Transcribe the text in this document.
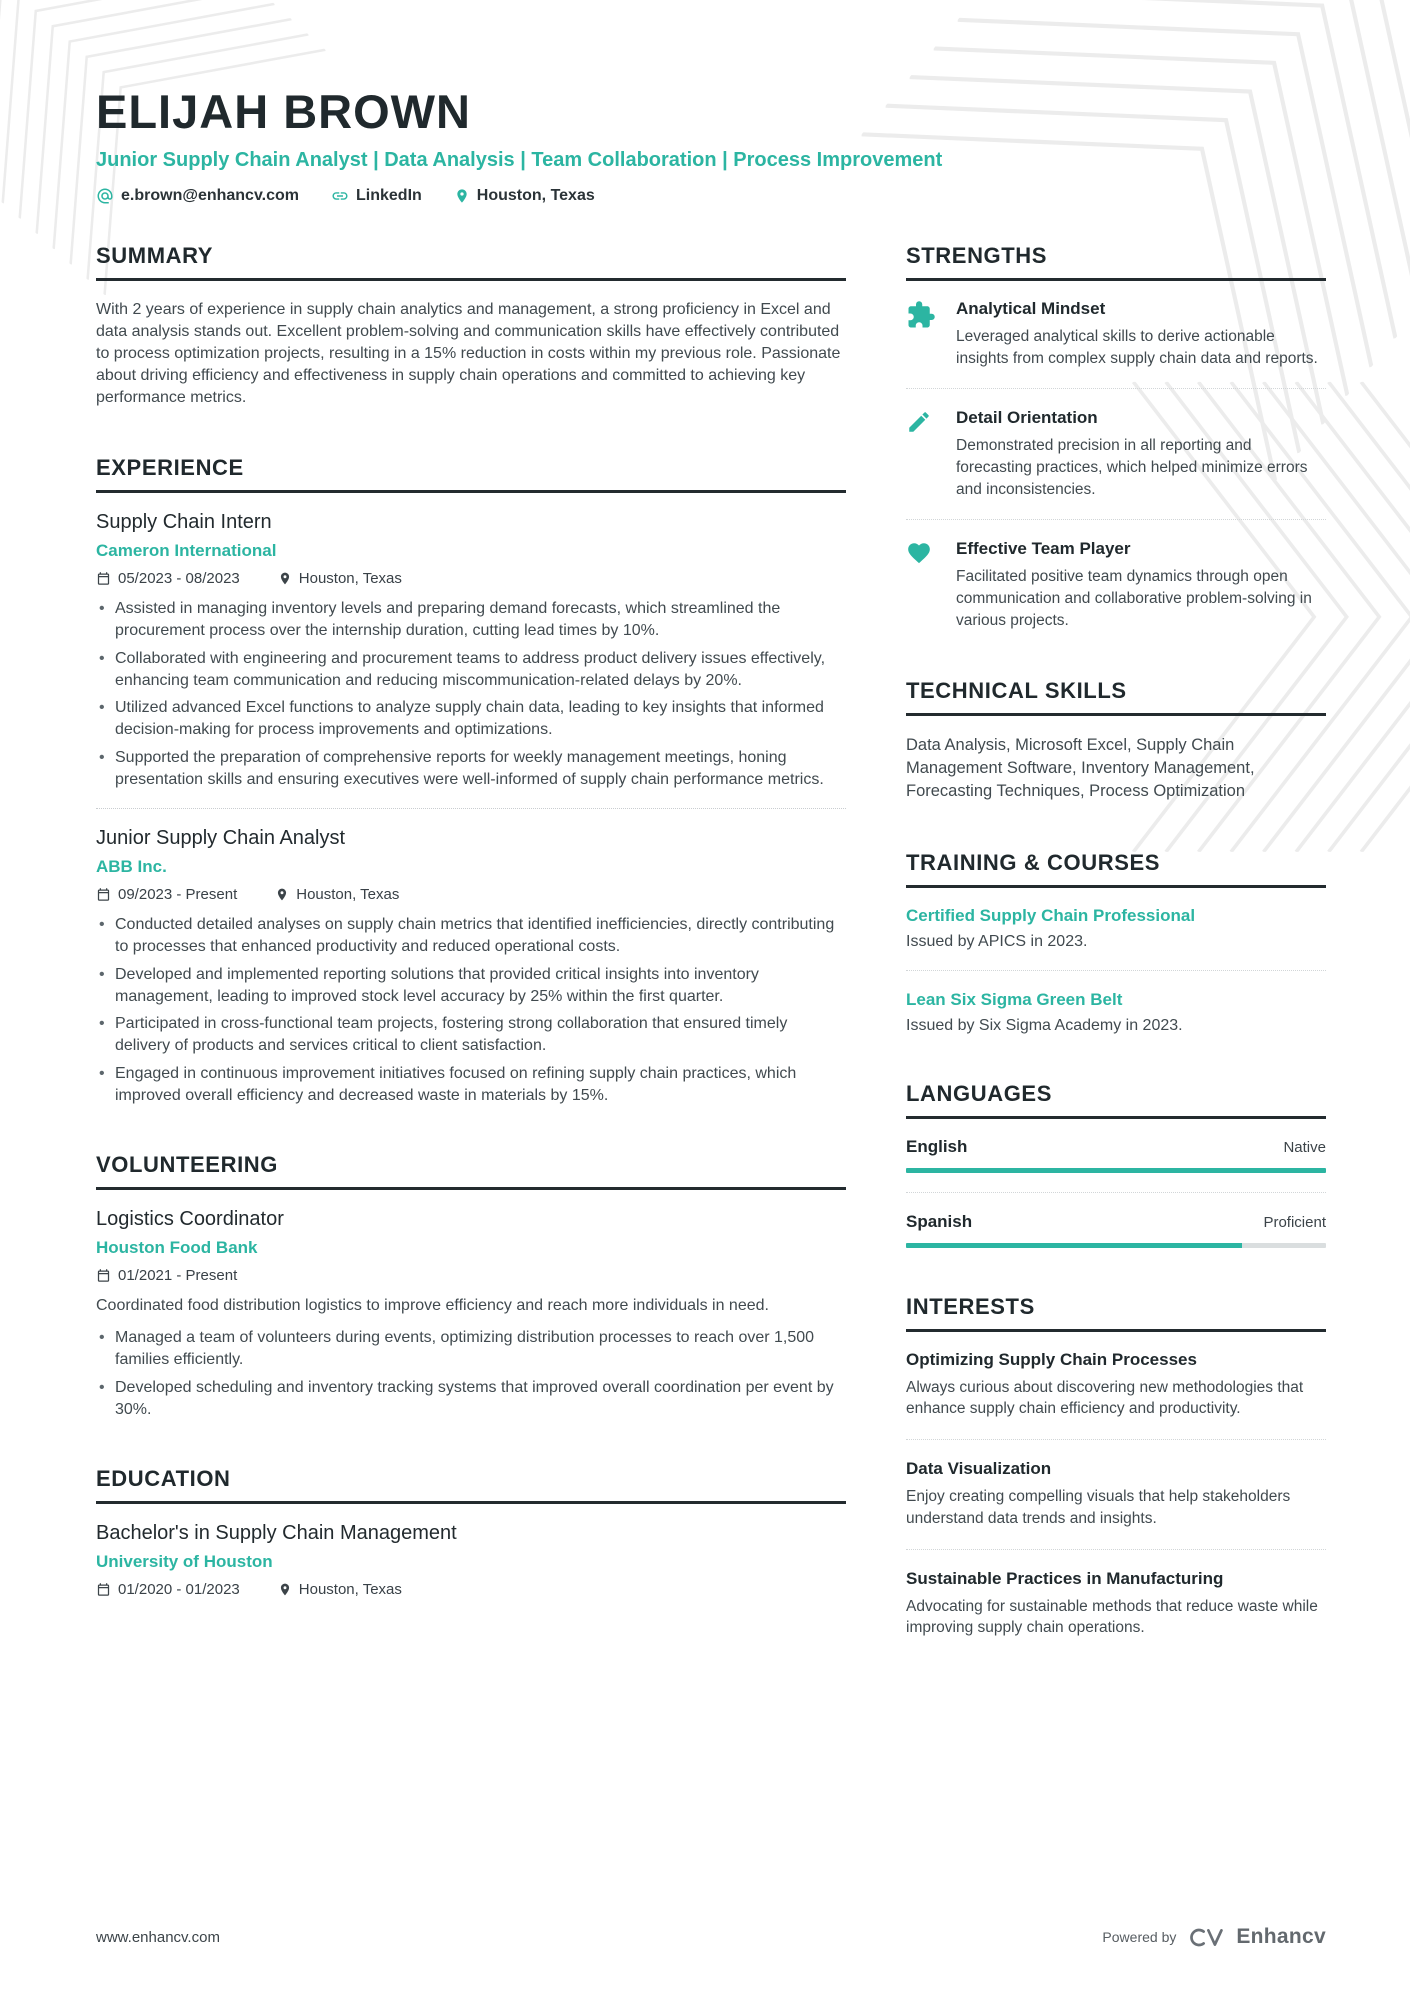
ELIJAH BROWN
Junior Supply Chain Analyst | Data Analysis | Team Collaboration | Process Improvement
e.brown@enhancv.com	LinkedIn	Houston, Texas
SUMMARY

With 2 years of experience in supply chain analytics and management, a strong proficiency in Excel and data analysis stands out. Excellent problem-solving and communication skills have effectively contributed to process optimization projects, resulting in a 15% reduction in costs within my previous role. Passionate about driving efficiency and effectiveness in supply chain operations and committed to achieving key performance metrics.

EXPERIENCE
Supply Chain Intern
Cameron International
05/2023 - 08/2023	Houston, Texas
• Assisted in managing inventory levels and preparing demand forecasts, which streamlined the procurement process over the internship duration, cutting lead times by 10%.
• Collaborated with engineering and procurement teams to address product delivery issues effectively, enhancing team communication and reducing miscommunication-related delays by 20%.
• Utilized advanced Excel functions to analyze supply chain data, leading to key insights that informed decision-making for process improvements and optimizations.
• Supported the preparation of comprehensive reports for weekly management meetings, honing presentation skills and ensuring executives were well-informed of supply chain performance metrics.
Junior Supply Chain Analyst
ABB Inc.
09/2023 - Present	Houston, Texas
• Conducted detailed analyses on supply chain metrics that identified inefficiencies, directly contributing to processes that enhanced productivity and reduced operational costs.
• Developed and implemented reporting solutions that provided critical insights into inventory management, leading to improved stock level accuracy by 25% within the first quarter.
• Participated in cross-functional team projects, fostering strong collaboration that ensured timely delivery of products and services critical to client satisfaction.
• Engaged in continuous improvement initiatives focused on refining supply chain practices, which improved overall efficiency and decreased waste in materials by 15%.
VOLUNTEERING
Logistics Coordinator
Houston Food Bank
01/2021 - Present

Coordinated food distribution logistics to improve efficiency and reach more individuals in need.

• Managed a team of volunteers during events, optimizing distribution processes to reach over 1,500 families efficiently.
• Developed scheduling and inventory tracking systems that improved overall coordination per event by 30%.
EDUCATION
Bachelor's in Supply Chain Management
University of Houston
01/2020 - 01/2023	Houston, Texas
STRENGTHS
Analytical Mindset
Leveraged analytical skills to derive actionable insights from complex supply chain data and reports.
Detail Orientation
Demonstrated precision in all reporting and forecasting practices, which helped minimize errors and inconsistencies.
Effective Team Player
Facilitated positive team dynamics through open communication and collaborative problem-solving in various projects.
TECHNICAL SKILLS

Data Analysis, Microsoft Excel, Supply Chain Management Software, Inventory Management, Forecasting Techniques, Process Optimization

TRAINING & COURSES
Certified Supply Chain Professional
Issued by APICS in 2023.
Lean Six Sigma Green Belt
Issued by Six Sigma Academy in 2023.
LANGUAGES
English	Native
Spanish	Proficient
INTERESTS
Optimizing Supply Chain Processes
Always curious about discovering new methodologies that enhance supply chain efficiency and productivity.
Data Visualization
Enjoy creating compelling visuals that help stakeholders understand data trends and insights.
Sustainable Practices in Manufacturing
Advocating for sustainable methods that reduce waste while improving supply chain operations.
www.enhancv.com	Powered by	Enhancv
